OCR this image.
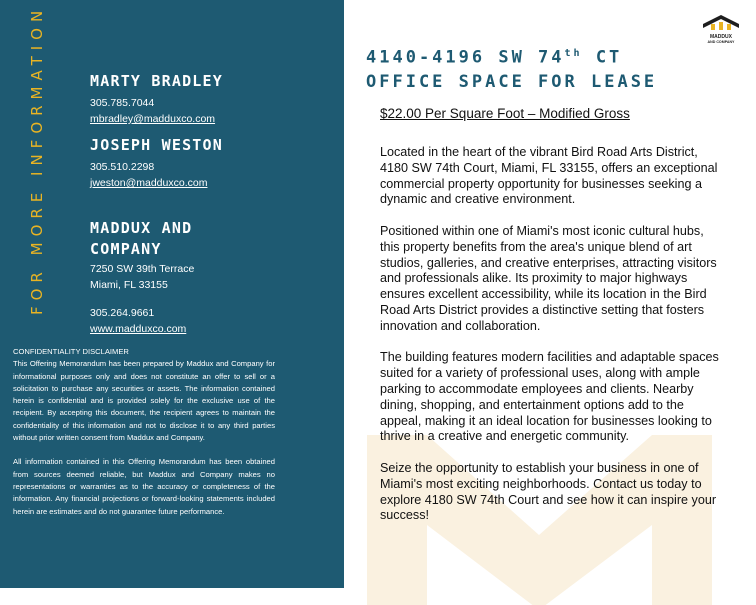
FOR MORE INFORMATION	MARTY BRADLEY

305.785.7044
mbradley@madduxco.com

JOSEPH WESTON

305.510.2298
jweston@madduxco.com

MADDUX AND

COMPANY

7250 SW 39th Terrace
Miami, FL 33155
305.264.9661
www.madduxco.com
CONFIDENTIALITY DISCLAIMER
This Offering Memorandum has been prepared by Maddux and Company for informational purposes only and does not constitute an offer to sell or a solicitation to purchase any securities or assets. The information contained herein is confidential and is provided solely for the exclusive use of the recipient. By accepting this document, the recipient agrees to maintain the confidentiality of this information and not to disclose it to any third parties without prior written consent from Maddux and Company.
All information contained in this Offering Memorandum has been obtained from sources deemed reliable, but Maddux and Company makes no representations or warranties as to the accuracy or completeness of the information. Any financial projections or forward-looking statements included herein are estimates and do not guarantee future performance.
4140-4196 SW 74th CT
OFFICE SPACE FOR LEASE
$22.00 Per Square Foot – Modified Gross

Located in the heart of the vibrant Bird Road Arts District, 4180 SW 74th Court, Miami, FL 33155, offers an exceptional commercial property opportunity for businesses seeking a dynamic and creative environment.

Positioned within one of Miami's most iconic cultural hubs, this property benefits from the area's unique blend of art studios, galleries, and creative enterprises, attracting visitors and professionals alike. Its proximity to major highways ensures excellent accessibility, while its location in the Bird Road Arts District provides a distinctive setting that fosters innovation and collaboration.

The building features modern facilities and adaptable spaces suited for a variety of professional uses, along with ample parking to accommodate employees and clients. Nearby dining, shopping, and entertainment options add to the appeal, making it an ideal location for businesses looking to thrive in a creative and energetic community.

Seize the opportunity to establish your business in one of Miami's most exciting neighborhoods. Contact us today to explore 4180 SW 74th Court and see how it can inspire your success!

MADDUX
AND COMPANY
